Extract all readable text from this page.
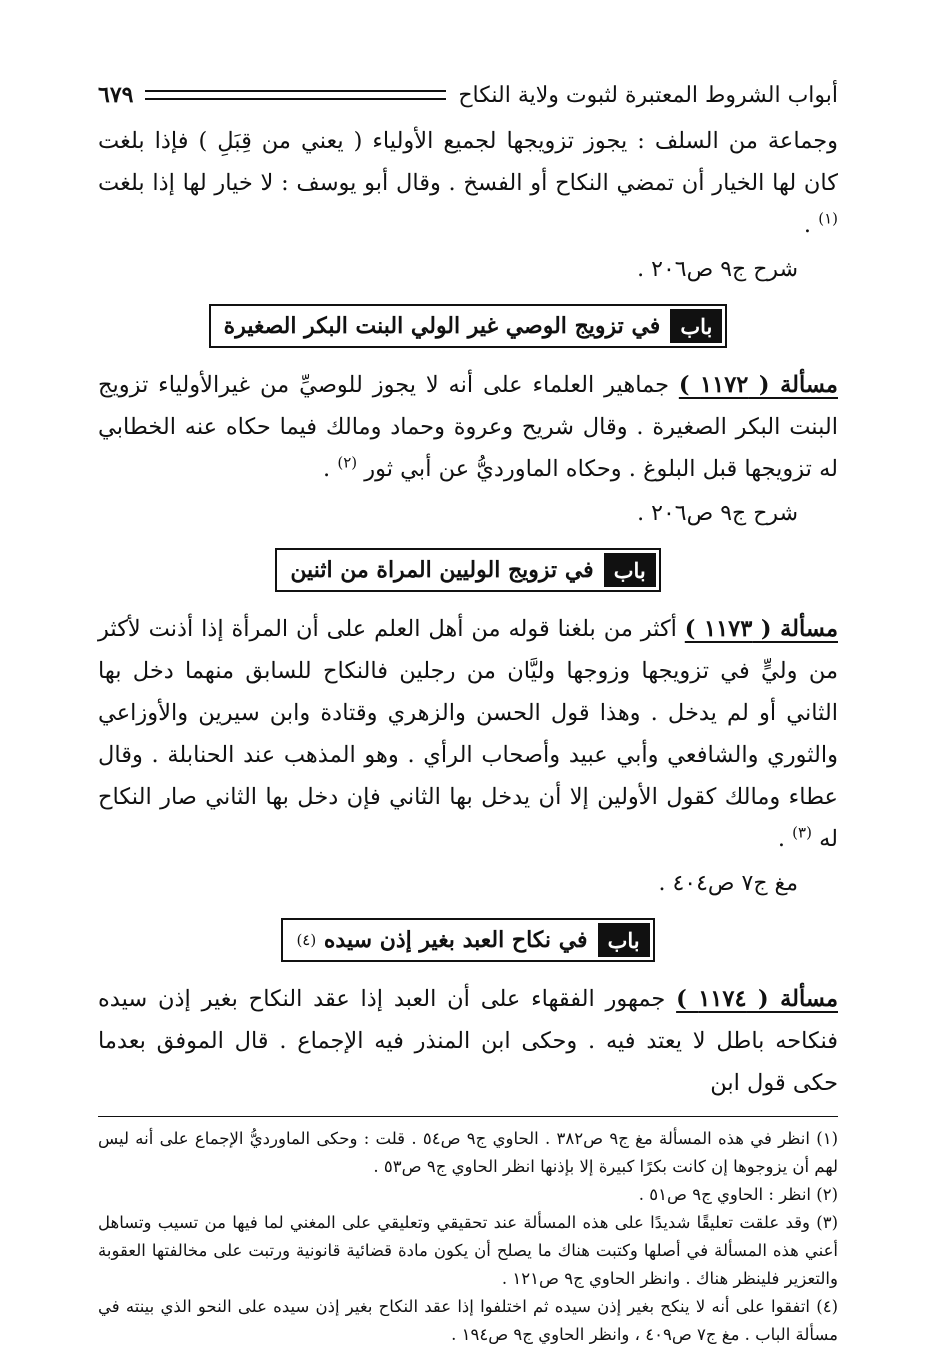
أبواب الشروط المعتبرة لثبوت ولاية النكاح
٦٧٩

وجماعة من السلف : يجوز تزويجها لجميع الأولياء ( يعني من قِبَلِ ) فإذا بلغت كان لها الخيار أن تمضي النكاح أو الفسخ . وقال أبو يوسف : لا خيار لها إذا بلغت $^{(١)}$ .

شرح ج٩ ص٢٠٦ .

باب
في تزويج الوصي غير الولي البنت البكر الصغيرة

مسألة ( ١١٧٢ ) جماهير العلماء على أنه لا يجوز للوصيِّ من غيرالأولياء تزويج البنت البكر الصغيرة . وقال شريح وعروة وحماد ومالك فيما حكاه عنه الخطابي له تزويجها قبل البلوغ . وحكاه الماورديُّ عن أبي ثور $^{(٢)}$ .

شرح ج٩ ص٢٠٦ .

باب
في تزويج الوليين المراة من اثنين

مسألة ( ١١٧٣ ) أكثر من بلغنا قوله من أهل العلم على أن المرأة إذا أذنت لأكثر من وليٍّ في تزويجها وزوجها وليَّان من رجلين فالنكاح للسابق منهما دخل بها الثاني أو لم يدخل . وهذا قول الحسن والزهري وقتادة وابن سيرين والأوزاعي والثوري والشافعي وأبي عبيد وأصحاب الرأي . وهو المذهب عند الحنابلة . وقال عطاء ومالك كقول الأولين إلا أن يدخل بها الثاني فإن دخل بها الثاني صار النكاح له $^{(٣)}$ .

مغ ج٧ ص٤٠٤ .

باب
في نكاح العبد بغير إذن سيده

(٤)

مسألة ( ١١٧٤ ) جمهور الفقهاء على أن العبد إذا عقد النكاح بغير إذن سيده فنكاحه باطل لا يعتد فيه . وحكى ابن المنذر فيه الإجماع . قال الموفق بعدما حكى قول ابن

(١) انظر في هذه المسألة مغ ج٩ ص٣٨٢ . الحاوي ج٩ ص٥٤ . قلت : وحكى الماورديُّ الإجماع على أنه ليس لهم أن يزوجوها إن كانت بكرًا كبيرة إلا بإذنها انظر الحاوي ج٩ ص٥٣ .

(٢) انظر : الحاوي ج٩ ص٥١ .

(٣) وقد علقت تعليقًا شديدًا على هذه المسألة عند تحقيقي وتعليقي على المغني لما فيها من تسيب وتساهل أعني هذه المسألة في أصلها وكتبت هناك ما يصلح أن يكون مادة قضائية قانونية ورتبت على مخالفتها العقوبة والتعزير فلينظر هناك . وانظر الحاوي ج٩ ص١٢١ .

(٤) اتفقوا على أنه لا ينكح بغير إذن سيده ثم اختلفوا إذا عقد النكاح بغير إذن سيده على النحو الذي بينته في مسألة الباب . مغ ج٧ ص٤٠٩ ، وانظر الحاوي ج٩ ص١٩٤ .
